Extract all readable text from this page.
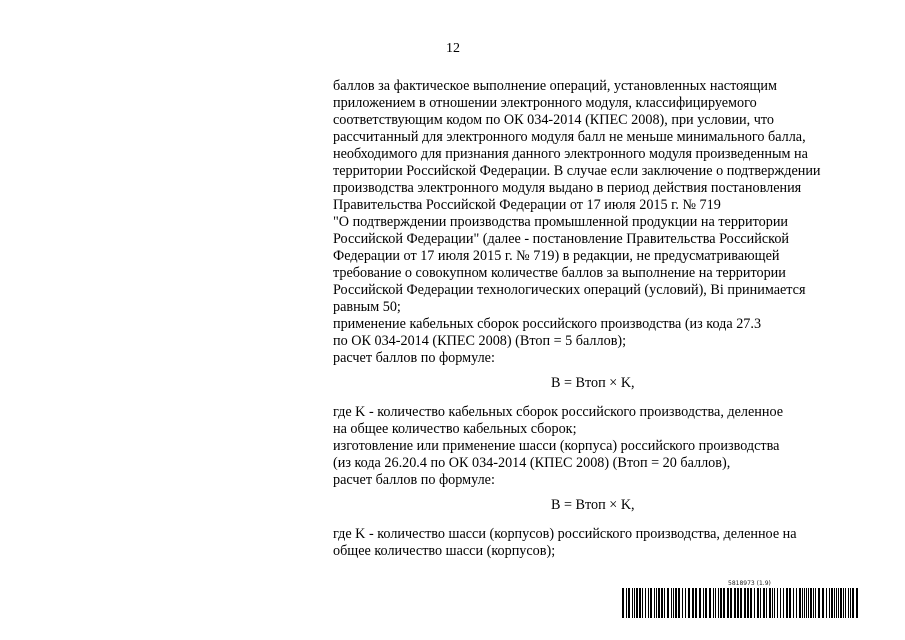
12
баллов за фактическое выполнение операций, установленных настоящим
приложением в отношении электронного модуля, классифицируемого
соответствующим кодом по ОК 034-2014 (КПЕС 2008), при условии, что
рассчитанный для электронного модуля балл не меньше минимального балла,
необходимого для признания данного электронного модуля произведенным на
территории Российской Федерации. В случае если заключение о подтверждении
производства электронного модуля выдано в период действия постановления
Правительства Российской Федерации от 17 июля 2015 г. № 719
"О подтверждении производства промышленной продукции на территории
Российской Федерации" (далее - постановление Правительства Российской
Федерации от 17 июля 2015 г. № 719) в редакции, не предусматривающей
требование о совокупном количестве баллов за выполнение на территории
Российской Федерации технологических операций (условий), Bi принимается
равным 50;
применение кабельных сборок российского производства (из кода 27.3
по ОК 034-2014 (КПЕС 2008) (Bтоп = 5 баллов);
расчет баллов по формуле:
B = Bтоп × K,
где K - количество кабельных сборок российского производства, деленное
на общее количество кабельных сборок;
изготовление или применение шасси (корпуса) российского производства
(из кода 26.20.4 по ОК 034-2014 (КПЕС 2008) (Bтоп = 20 баллов),
расчет баллов по формуле:
B = Bтоп × K,
где K - количество шасси (корпусов) российского производства, деленное на
общее количество шасси (корпусов);
5818973 (1.9)
